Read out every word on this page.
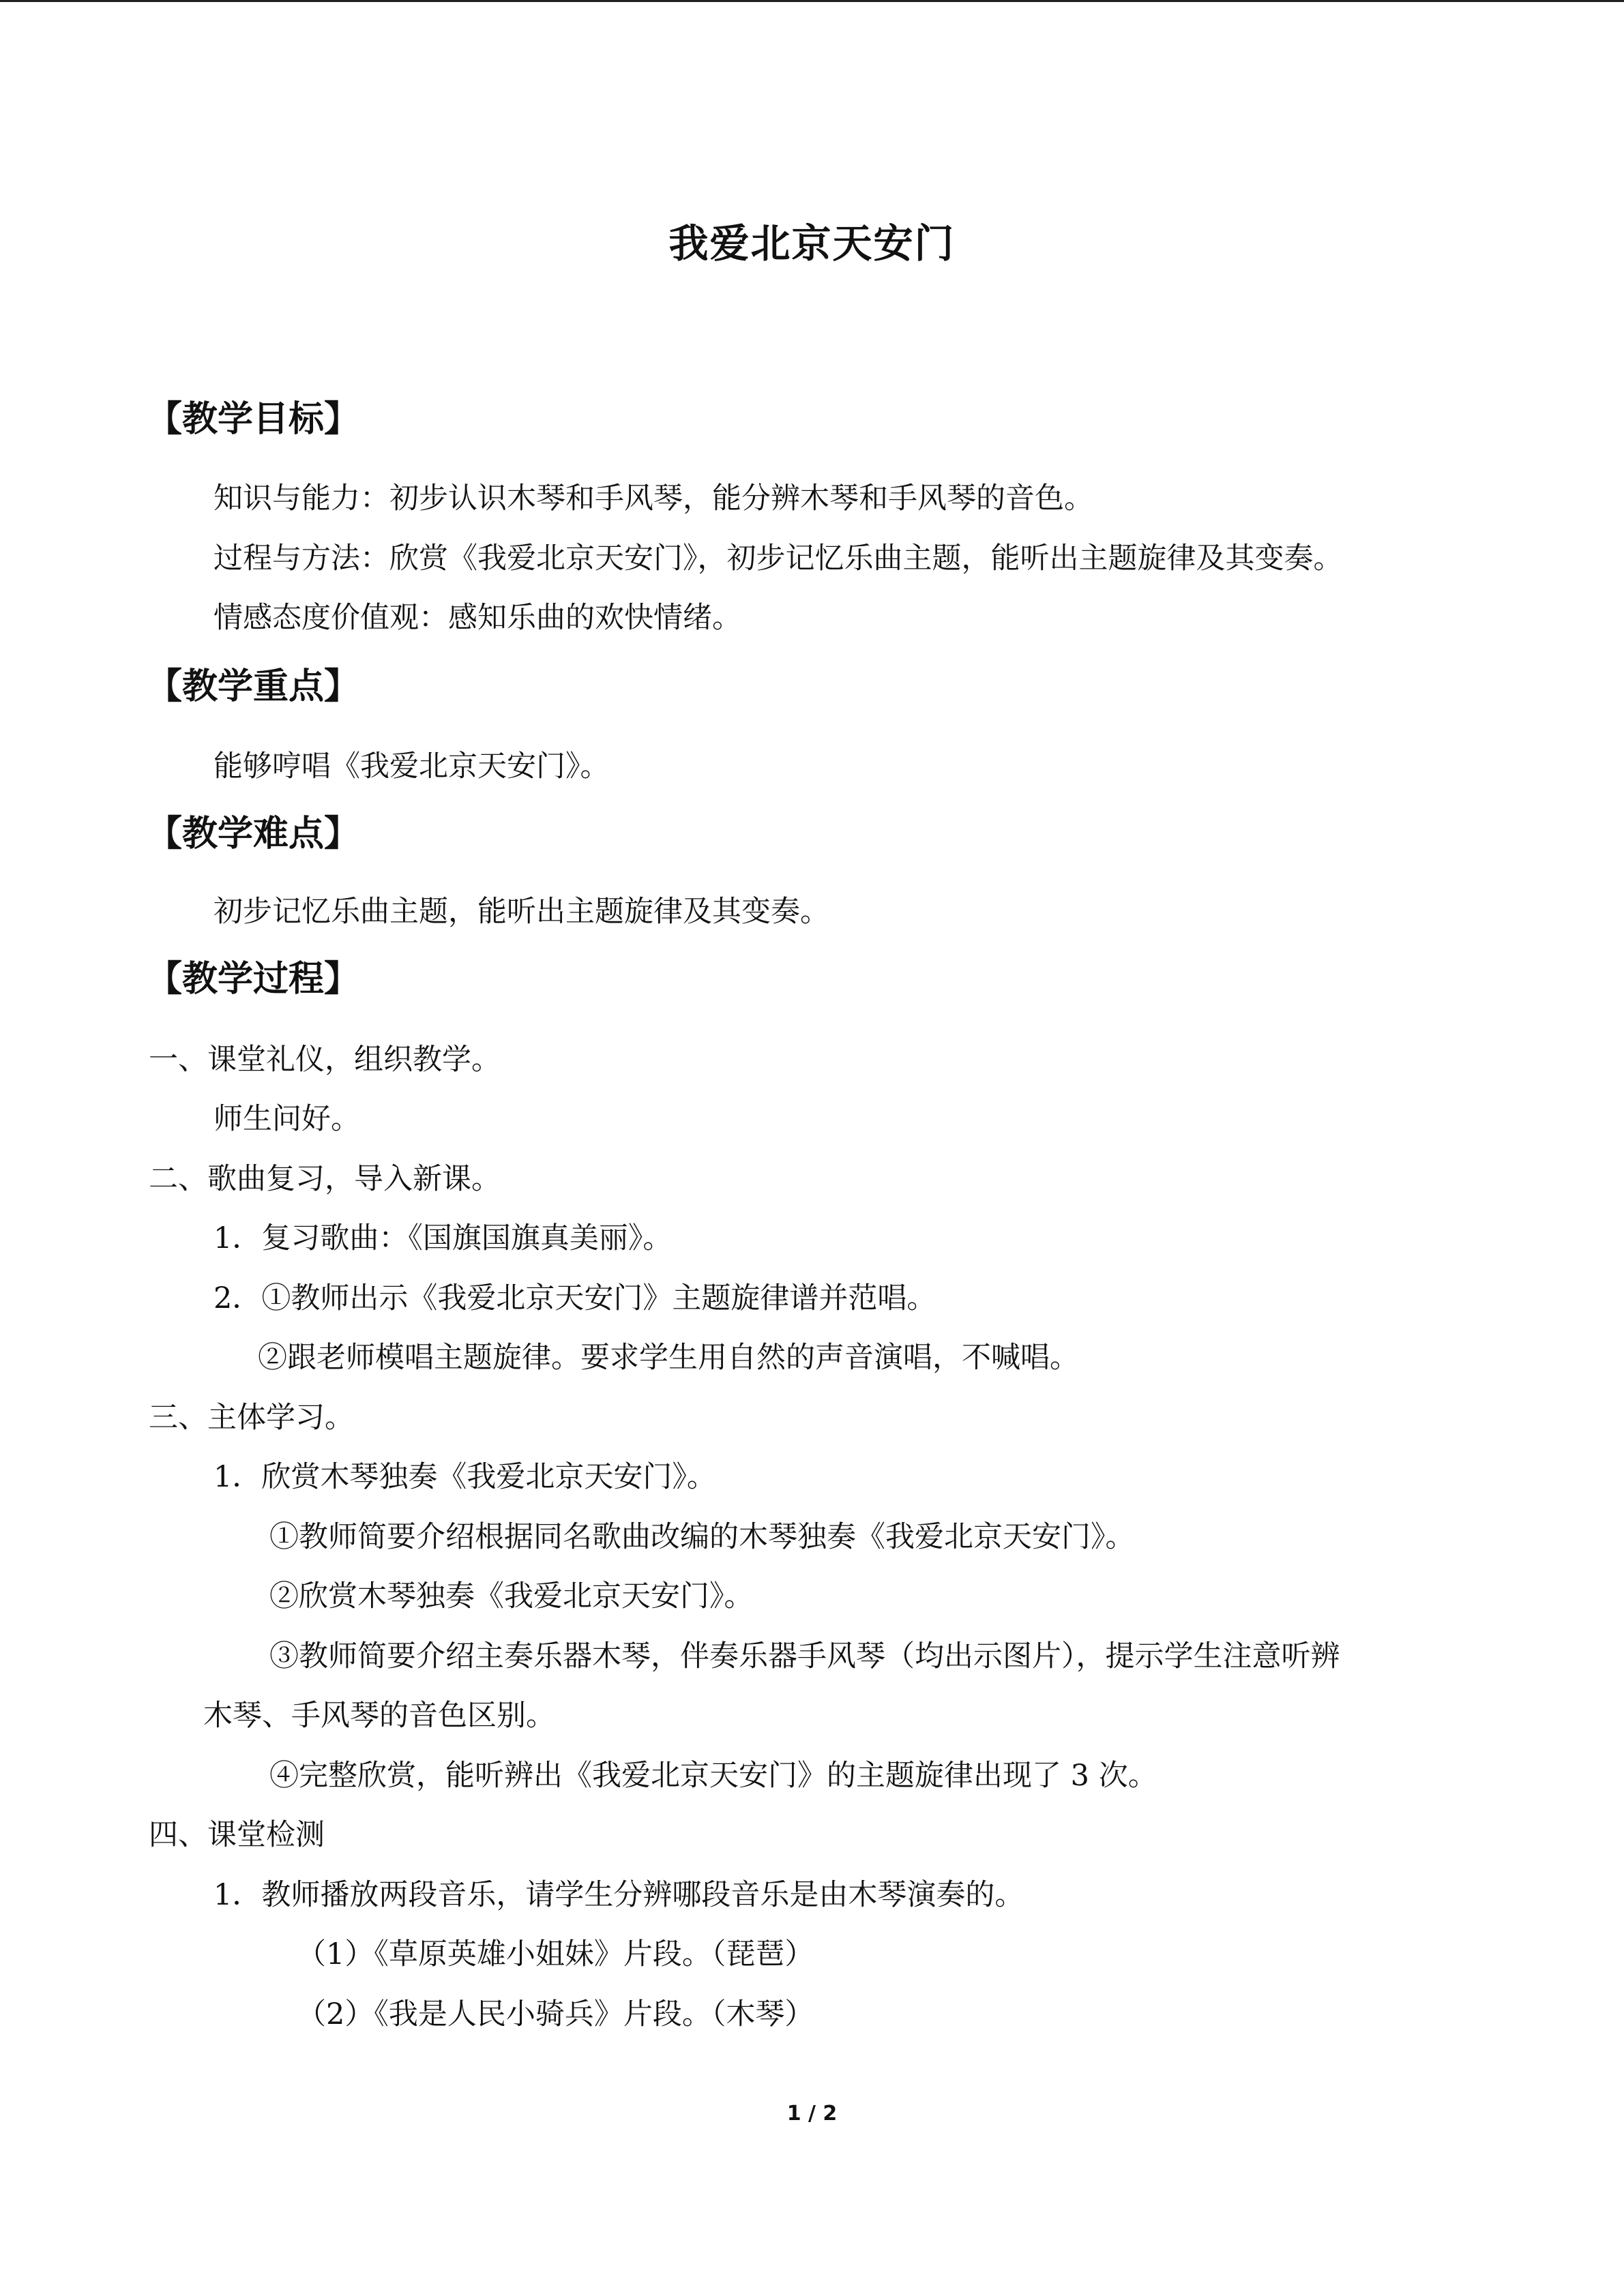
我爱北京天安门
【教学目标】
知识与能力：初步认识木琴和手风琴，能分辨木琴和手风琴的音色。
过程与方法：欣赏《我爱北京天安门》，初步记忆乐曲主题，能听出主题旋律及其变奏。
情感态度价值观：感知乐曲的欢快情绪。
【教学重点】
能够哼唱《我爱北京天安门》。
【教学难点】
初步记忆乐曲主题，能听出主题旋律及其变奏。
【教学过程】
一、课堂礼仪，组织教学。
师生问好。
二、歌曲复习，导入新课。
1．复习歌曲：《国旗国旗真美丽》。
2．①教师出示《我爱北京天安门》主题旋律谱并范唱。
②跟老师模唱主题旋律。要求学生用自然的声音演唱，不喊唱。
三、主体学习。
1．欣赏木琴独奏《我爱北京天安门》。
①教师简要介绍根据同名歌曲改编的木琴独奏《我爱北京天安门》。
②欣赏木琴独奏《我爱北京天安门》。
③教师简要介绍主奏乐器木琴，伴奏乐器手风琴（均出示图片），提示学生注意听辨
木琴、手风琴的音色区别。
④完整欣赏，能听辨出《我爱北京天安门》的主题旋律出现了 3 次。
四、课堂检测
1．教师播放两段音乐，请学生分辨哪段音乐是由木琴演奏的。
（1）《草原英雄小姐妹》片段。（琵琶）
（2）《我是人民小骑兵》片段。（木琴）
1 / 2
